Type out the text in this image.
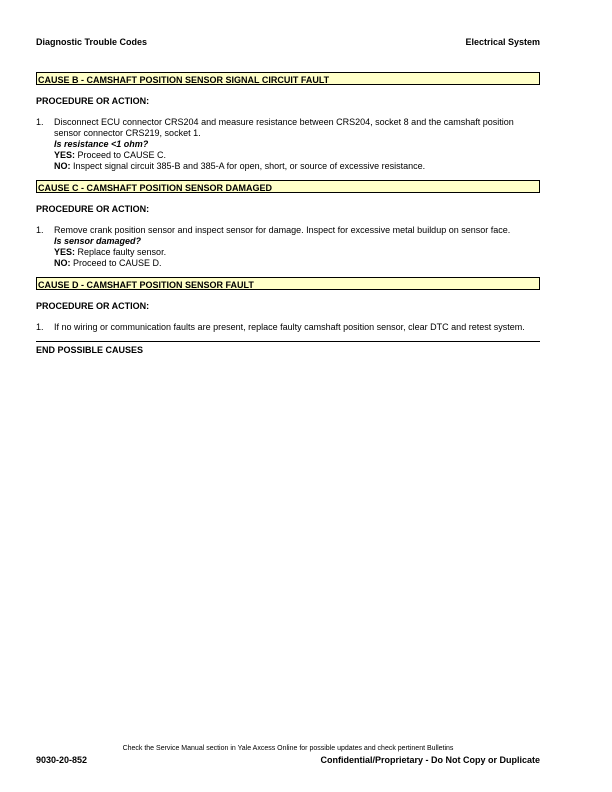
Diagnostic Trouble Codes	Electrical System
CAUSE B - CAMSHAFT POSITION SENSOR SIGNAL CIRCUIT FAULT
PROCEDURE OR ACTION:
1. Disconnect ECU connector CRS204 and measure resistance between CRS204, socket 8 and the camshaft position sensor connector CRS219, socket 1.
Is resistance <1 ohm?
YES: Proceed to CAUSE C.
NO: Inspect signal circuit 385-B and 385-A for open, short, or source of excessive resistance.
CAUSE C - CAMSHAFT POSITION SENSOR DAMAGED
PROCEDURE OR ACTION:
1. Remove crank position sensor and inspect sensor for damage. Inspect for excessive metal buildup on sensor face.
Is sensor damaged?
YES: Replace faulty sensor.
NO: Proceed to CAUSE D.
CAUSE D - CAMSHAFT POSITION SENSOR FAULT
PROCEDURE OR ACTION:
1. If no wiring or communication faults are present, replace faulty camshaft position sensor, clear DTC and retest system.
END POSSIBLE CAUSES
Check the Service Manual section in Yale Axcess Online for possible updates and check pertinent Bulletins
9030-20-852	Confidential/Proprietary - Do Not Copy or Duplicate
